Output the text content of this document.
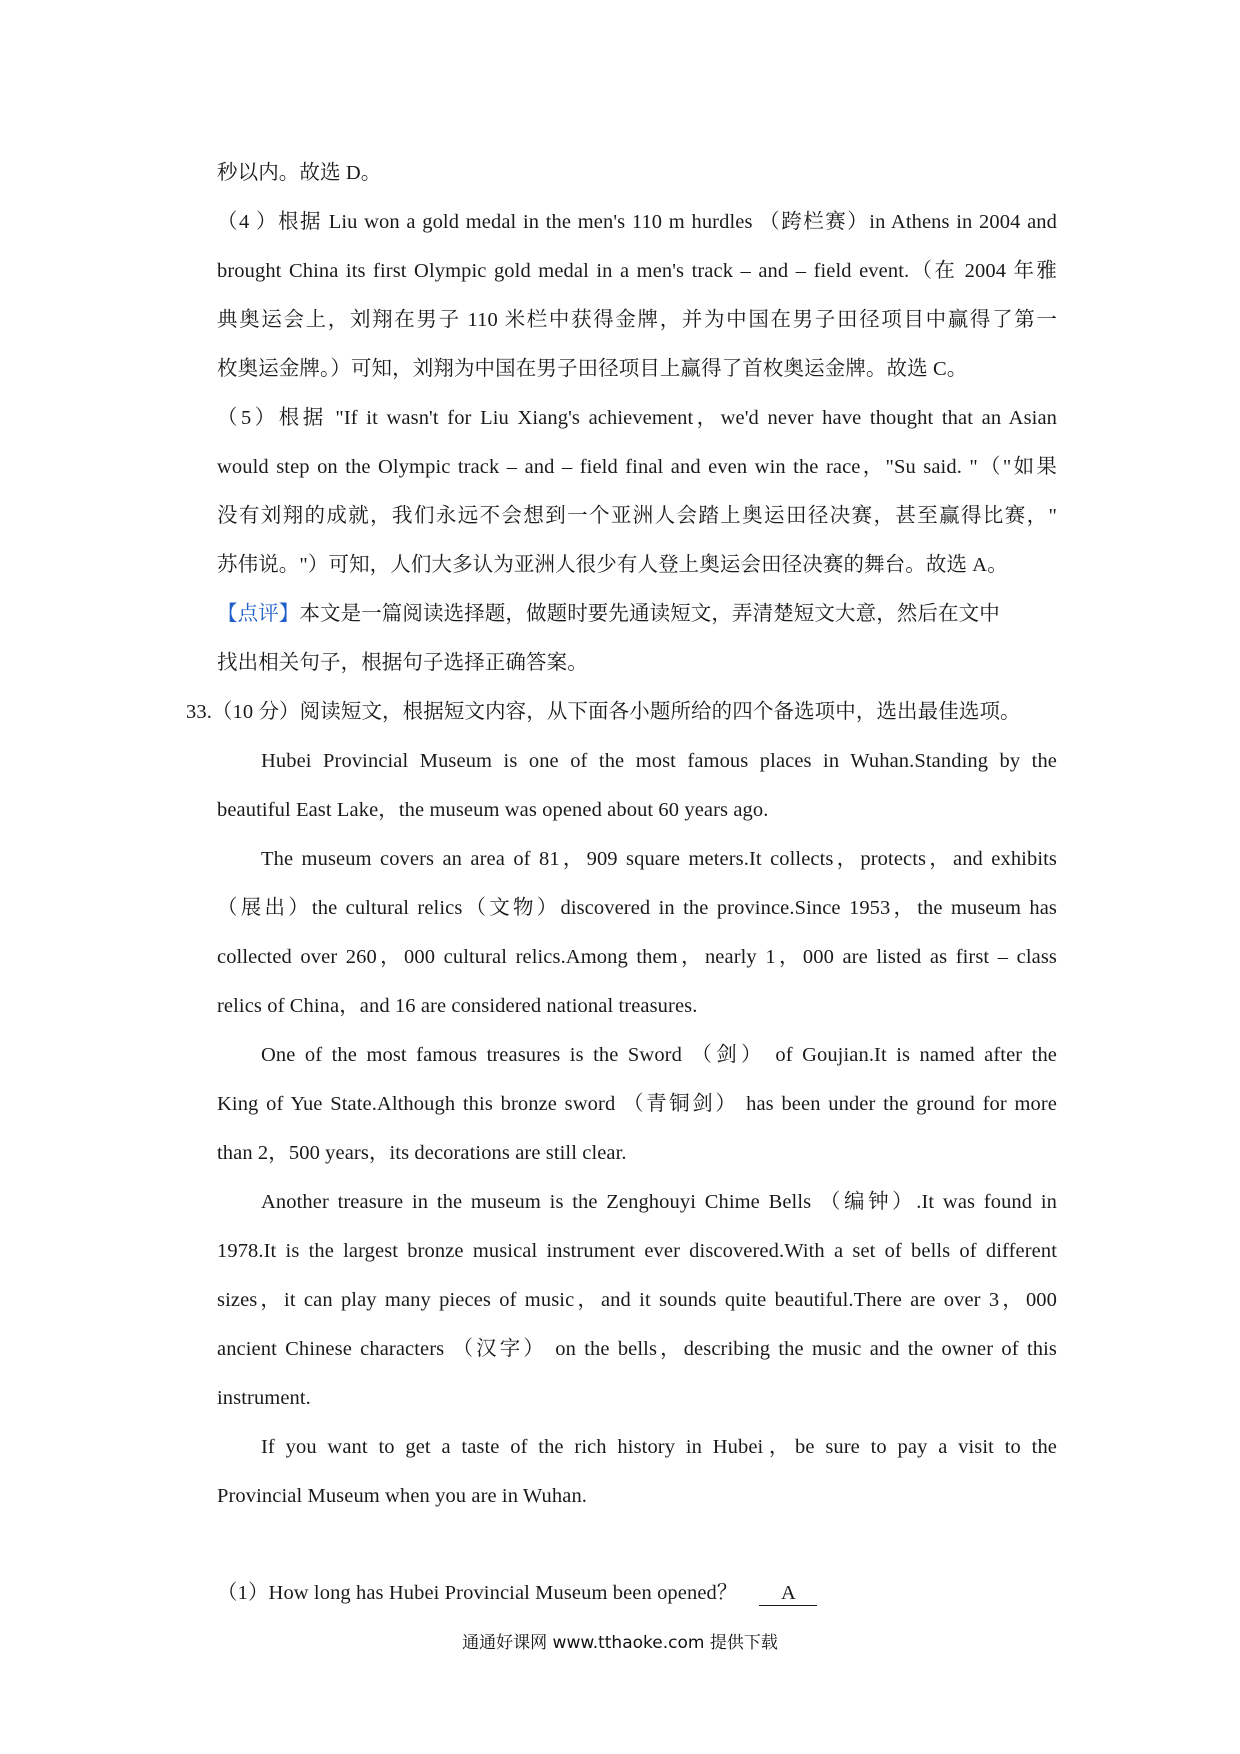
秒以内。故选 D。
（4 ）根据 Liu won a gold medal in the men's 110 m hurdles （跨栏赛）in Athens in 2004 and
brought China its first Olympic gold medal in a men's track – and – field event.（在 2004 年雅
典奥运会上，刘翔在男子 110 米栏中获得金牌，并为中国在男子田径项目中赢得了第一
枚奥运金牌。）可知，刘翔为中国在男子田径项目上赢得了首枚奥运金牌。故选 C。
（5）根据 "If it wasn't for Liu Xiang's achievement，we'd never have thought that an Asian
would step on the Olympic track – and – field final and even win the race，"Su said. "（"如果
没有刘翔的成就，我们永远不会想到一个亚洲人会踏上奥运田径决赛，甚至赢得比赛，"
苏伟说。"）可知，人们大多认为亚洲人很少有人登上奥运会田径决赛的舞台。故选 A。
【点评】本文是一篇阅读选择题，做题时要先通读短文，弄清楚短文大意，然后在文中
找出相关句子，根据句子选择正确答案。
33.（10 分）阅读短文，根据短文内容，从下面各小题所给的四个备选项中，选出最佳选项。
Hubei Provincial Museum is one of the most famous places in Wuhan.Standing by the
beautiful East Lake，the museum was opened about 60 years ago.
The museum covers an area of 81，909 square meters.It collects，protects，and exhibits
（展出）the cultural relics（文物）discovered in the province.Since 1953，the museum has
collected over 260，000 cultural relics.Among them，nearly 1，000 are listed as first – class
relics of China，and 16 are considered national treasures.
One of the most famous treasures is the Sword （剑） of Goujian.It is named after the
King of Yue State.Although this bronze sword （青铜剑） has been under the ground for more
than 2，500 years，its decorations are still clear.
Another treasure in the museum is the Zenghouyi Chime Bells （编钟）.It was found in
1978.It is the largest bronze musical instrument ever discovered.With a set of bells of different
sizes，it can play many pieces of music，and it sounds quite beautiful.There are over 3，000
ancient Chinese characters （汉字） on the bells，describing the music and the owner of this
instrument.
If you want to get a taste of the rich history in Hubei，be sure to pay a visit to the
Provincial Museum when you are in Wuhan.
（1）How long has Hubei Provincial Museum been opened？ A
通通好课网 www.tthaoke.com 提供下载
